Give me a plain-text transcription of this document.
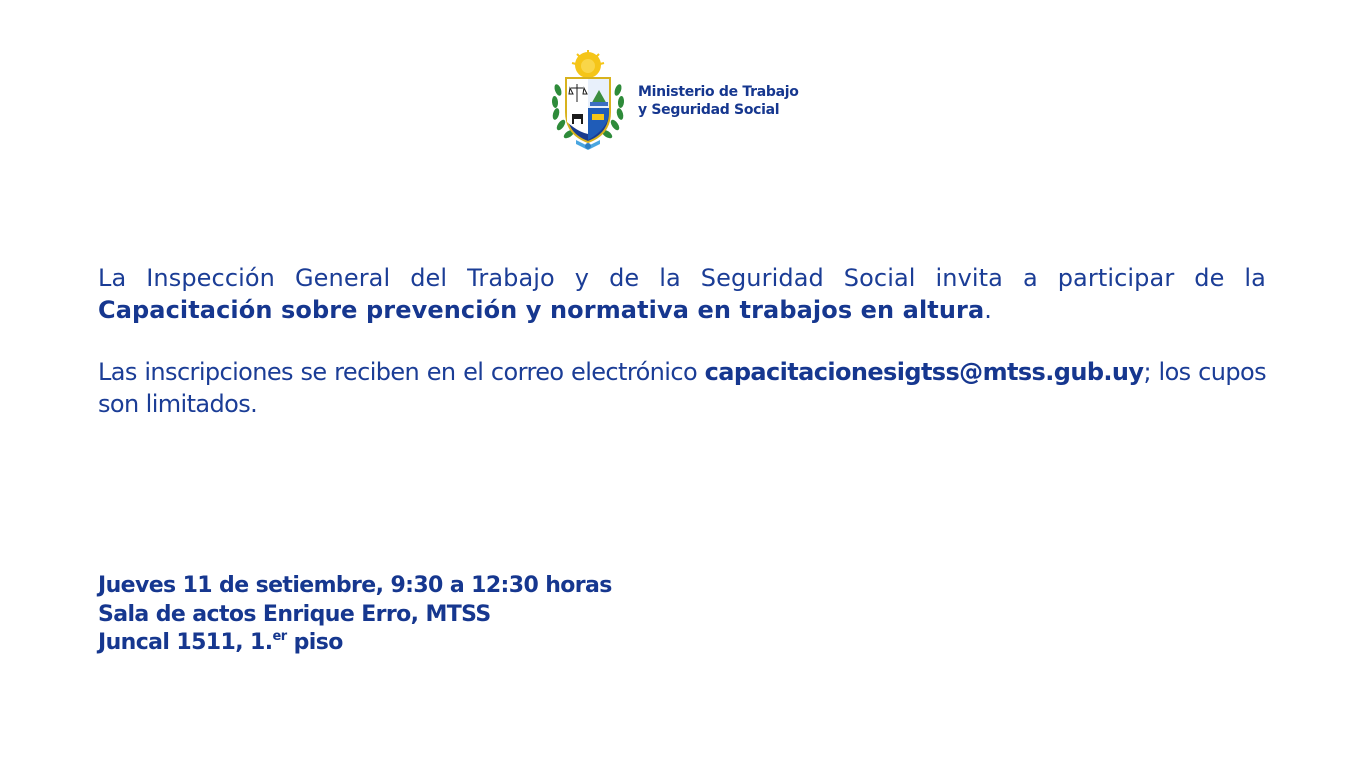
Ministerio de Trabajo
y Seguridad Social

La Inspección General del Trabajo y de la Seguridad Social invita a participar de la Capacitación sobre prevención y normativa en trabajos en altura.

Las inscripciones se reciben en el correo electrónico capacitacionesigtss@mtss.gub.uy; los cupos son limitados.

Jueves 11 de setiembre, 9:30 a 12:30 horas
Sala de actos Enrique Erro, MTSS
Juncal 1511, 1.$^{er}$ piso
